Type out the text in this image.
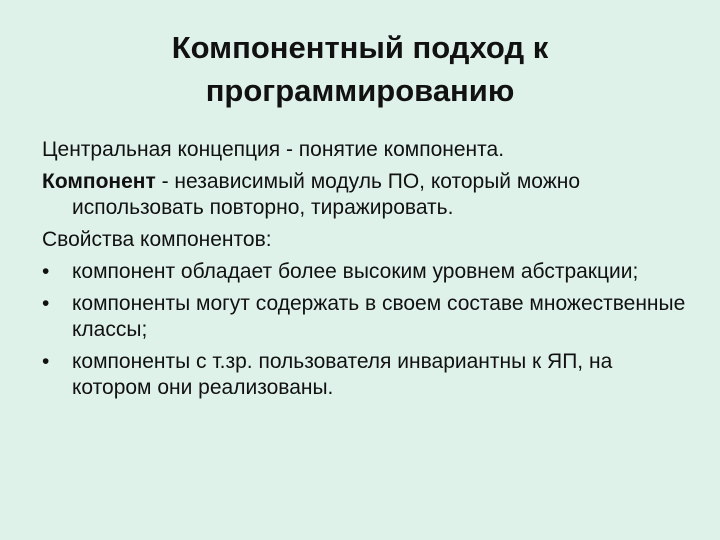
Компонентный подход к
программированию
Центральная концепция - понятие компонента.
Компонент - независимый модуль ПО, который можно использовать повторно, тиражировать.
Свойства компонентов:
•	компонент обладает более высоким уровнем абстракции;
•	компоненты могут содержать в своем составе множественные классы;
•	компоненты с т.зр. пользователя инвариантны к ЯП, на котором они реализованы.
